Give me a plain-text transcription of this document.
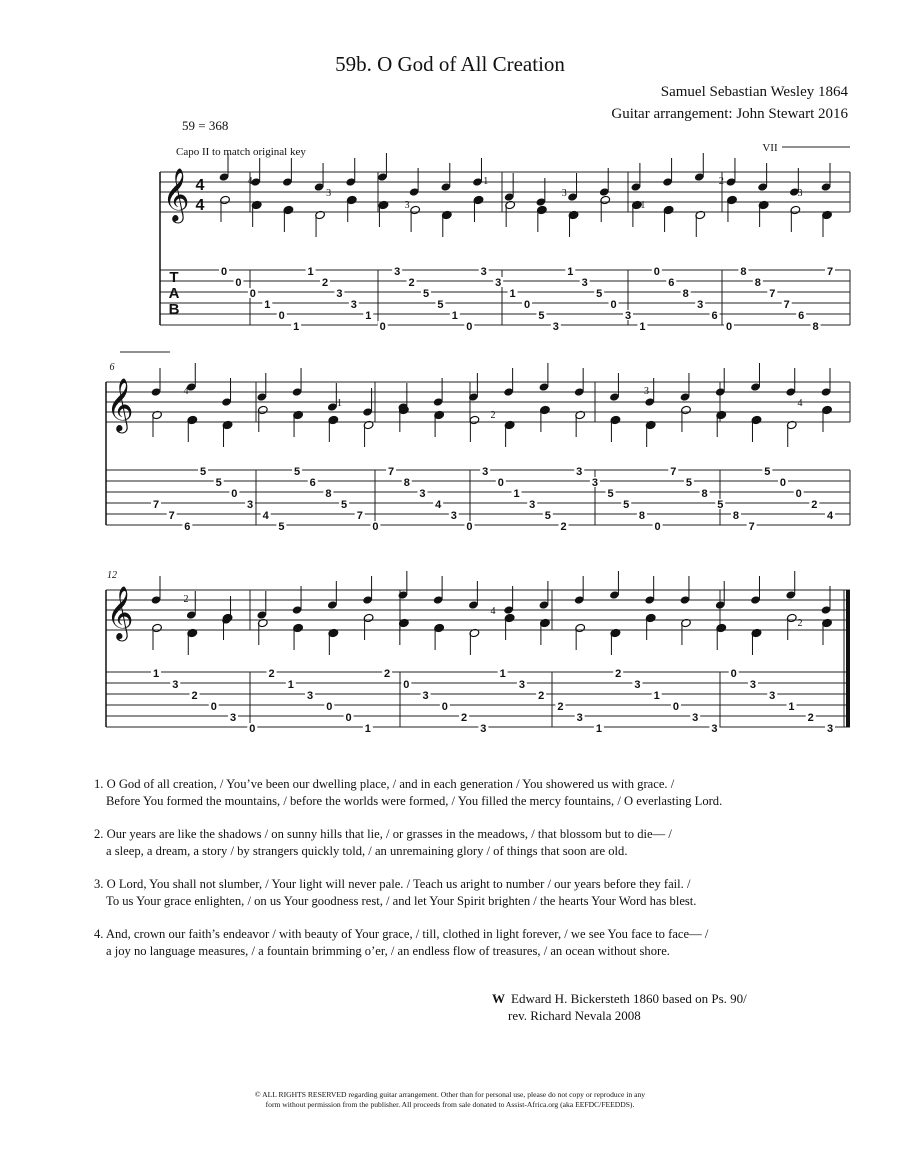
59b. O God of All Creation
Samuel Sebastian Wesley 1864
Guitar arrangement: John Stewart 2016
59 = 368
Capo II to match original key
𝄞 4
4
T
A
B
𝄞
6
𝄞
12
VII
0
0
0
1
0
1
1
2
3
3
1
0
3
2
5
5
1
0
3
3
1
0
5
3
1
3
5
0
3
1
0
6
8
3
6
0
8
8
7
7
6
8
7
7
7
6
5
5
0
3
4
5
5
6
8
5
7
0
7
8
3
4
3
0
3
0
1
3
5
2
3
3
5
5
8
0
7
5
8
5
8
7
5
0
0
2
4
1
3
2
0
3
0
2
1
3
0
0
1
2
0
3
0
2
3
1
3
2
2
3
1
2
3
1
0
3
3
0
3
3
1
2
3
4
3
3
1
3
1
2
3
4
1
2
3
4
2
4
2
1. O God of all creation, / You’ve been our dwelling place, / and in each generation / You showered us with grace. /
Before You formed the mountains, / before the worlds were formed, / You filled the mercy fountains, / O everlasting Lord.
2. Our years are like the shadows / on sunny hills that lie, / or grasses in the meadows, / that blossom but to die— /
a sleep, a dream, a story / by strangers quickly told, / an unremaining glory / of things that soon are old.
3. O Lord, You shall not slumber, / Your light will never pale. / Teach us aright to number / our years before they fail. /
To us Your grace enlighten, / on us Your goodness rest, / and let Your Spirit brighten / the hearts Your Word has blest.
4. And, crown our faith’s endeavor / with beauty of Your grace, / till, clothed in light forever, / we see You face to face— /
a joy no language measures, / a fountain brimming o’er, / an endless flow of treasures, / an ocean without shore.
W Edward H. Bickersteth 1860 based on Ps. 90/
rev. Richard Nevala 2008
© ALL RIGHTS RESERVED regarding guitar arrangement. Other than for personal use, please do not copy or reproduce in any
form without permission from the publisher. All proceeds from sale donated to Assist-Africa.org (aka EEFDC/FEEDDS).
